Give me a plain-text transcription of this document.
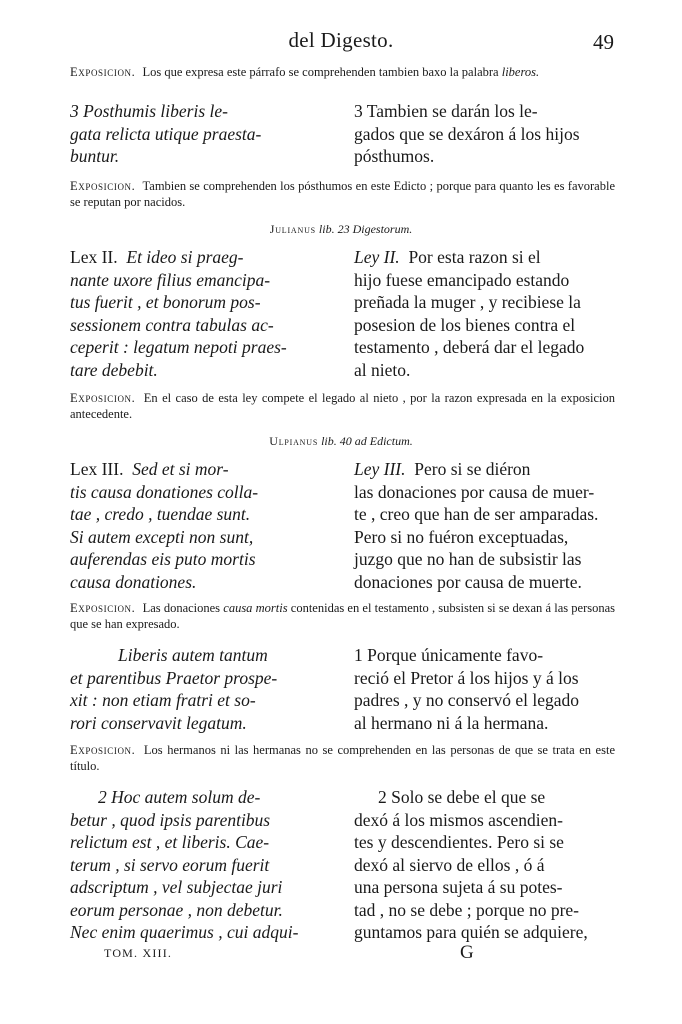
del Digesto.	49
Exposicion. Los que expresa este párrafo se comprehenden tambien baxo la palabra liberos.
3 Posthumis liberis le-
gata relicta utique praesta-
buntur.
3 Tambien se darán los le-
gados que se dexáron á los hijos
pósthumos.
Exposicion. Tambien se comprehenden los pósthumos en este Edicto ; porque para quanto les es favorable se reputan por nacidos.
Julianus lib. 23 Digestorum.
Lex II. Et ideo si praeg-
nante uxore filius emancipa-
tus fuerit , et bonorum pos-
sessionem contra tabulas ac-
ceperit : legatum nepoti praes-
tare debebit.
Ley II. Por esta razon si el
hijo fuese emancipado estando
preñada la muger , y recibiese la
posesion de los bienes contra el
testamento , deberá dar el legado
al nieto.
Exposicion. En el caso de esta ley compete el legado al nieto , por la razon expresada en la exposicion antecedente.
Ulpianus lib. 40 ad Edictum.
Lex III. Sed et si mor-
tis causa donationes colla-
tae , credo , tuendae sunt.
Si autem excepti non sunt,
auferendas eis puto mortis
causa donationes.
Ley III. Pero si se diéron
las donaciones por causa de muer-
te , creo que han de ser amparadas.
Pero si no fuéron exceptuadas,
juzgo que no han de subsistir las
donaciones por causa de muerte.
Exposicion. Las donaciones causa mortis contenidas en el testamento , subsisten si se dexan á las personas que se han expresado.
Liberis autem tantum
et parentibus Praetor prospe-
xit : non etiam fratri et so-
rori conservavit legatum.
1 Porque únicamente favo-
reció el Pretor á los hijos y á los
padres , y no conservó el legado
al hermano ni á la hermana.
Exposicion. Los hermanos ni las hermanas no se comprehenden en las personas de que se trata en este título.
2 Hoc autem solum de-
betur , quod ipsis parentibus
relictum est , et liberis. Cae-
terum , si servo eorum fuerit
adscriptum , vel subjectae juri
eorum personae , non debetur.
Nec enim quaerimus , cui adqui-
2 Solo se debe el que se
dexó á los mismos ascendien-
tes y descendientes. Pero si se
dexó al siervo de ellos , ó á
una persona sujeta á su potes-
tad , no se debe ; porque no pre-
guntamos para quién se adquiere,
TOM. XIII.	G
